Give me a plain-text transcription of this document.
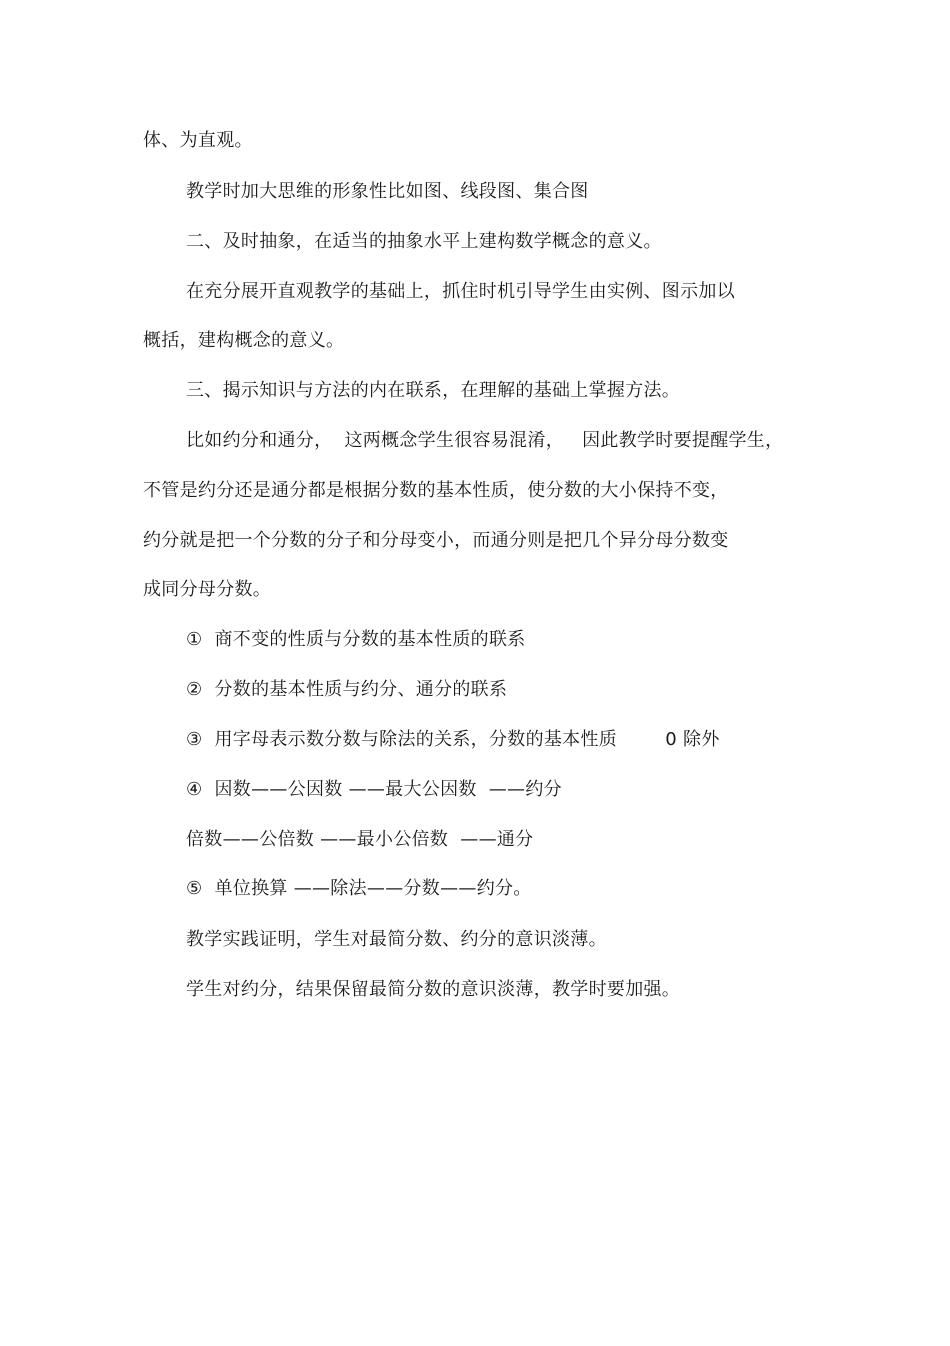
体、为直观。
教学时加大思维的形象性比如图、线段图、集合图
二、及时抽象，在适当的抽象水平上建构数学概念的意义。
在充分展开直观教学的基础上，抓住时机引导学生由实例、图示加以
概括，建构概念的意义。
三、揭示知识与方法的内在联系，在理解的基础上掌握方法。
比如约分和通分，  这两概念学生很容易混淆，   因此教学时要提醒学生，
不管是约分还是通分都是根据分数的基本性质，使分数的大小保持不变，
约分就是把一个分数的分子和分母变小，而通分则是把几个异分母分数变
成同分母分数。
①  商不变的性质与分数的基本性质的联系
②  分数的基本性质与约分、通分的联系
③  用字母表示数分数与除法的关系，分数的基本性质        0 除外
④  因数——公因数 ——最大公因数  ——约分
倍数——公倍数 ——最小公倍数  ——通分
⑤  单位换算 ——除法——分数——约分。
教学实践证明，学生对最简分数、约分的意识淡薄。
学生对约分，结果保留最简分数的意识淡薄，教学时要加强。
